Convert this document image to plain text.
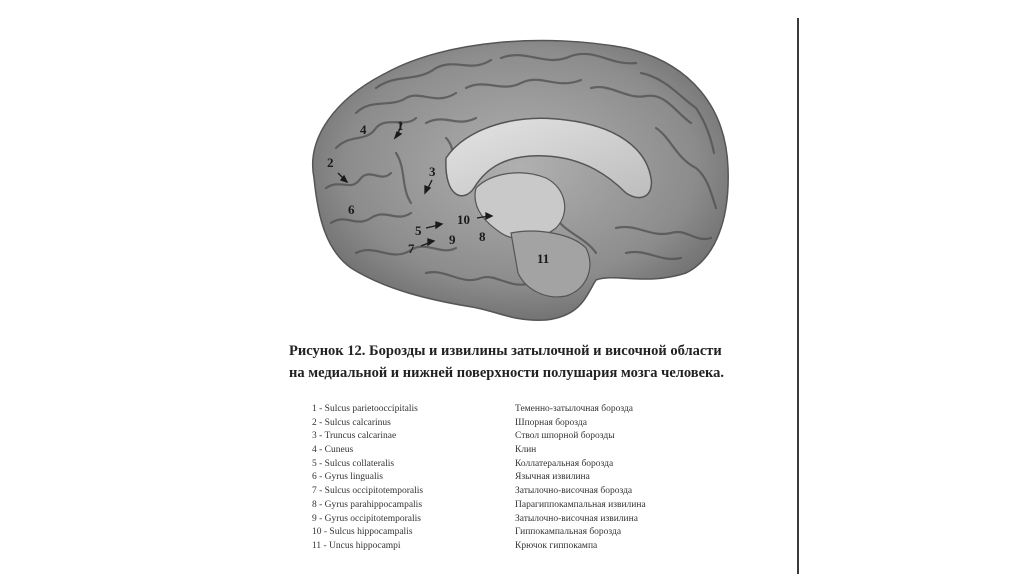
1
2
3
4
5
6
7
8
9
10
11
Рисунок 12. Борозды и извилины затылочной и височной области
на медиальной и нижней поверхности полушария мозга человека.
1 - Sulcus parietooccipitalis	Теменно-затылочная борозда
2 - Sulcus calcarinus	Шпорная борозда
3 - Truncus calcarinae	Ствол шпорной борозды
4 - Cuneus	Клин
5 - Sulcus collateralis	Коллатеральная борозда
6 - Gyrus lingualis	Язычная извилина
7 - Sulcus occipitotemporalis	Затылочно-височная борозда
8 - Gyrus parahippocampalis	Парагиппокампальная извилина
9 - Gyrus occipitotemporalis	Затылочно-височная извилина
10 - Sulcus hippocampalis	Гиппокампальная борозда
11 - Uncus hippocampi	Крючок гиппокампа
